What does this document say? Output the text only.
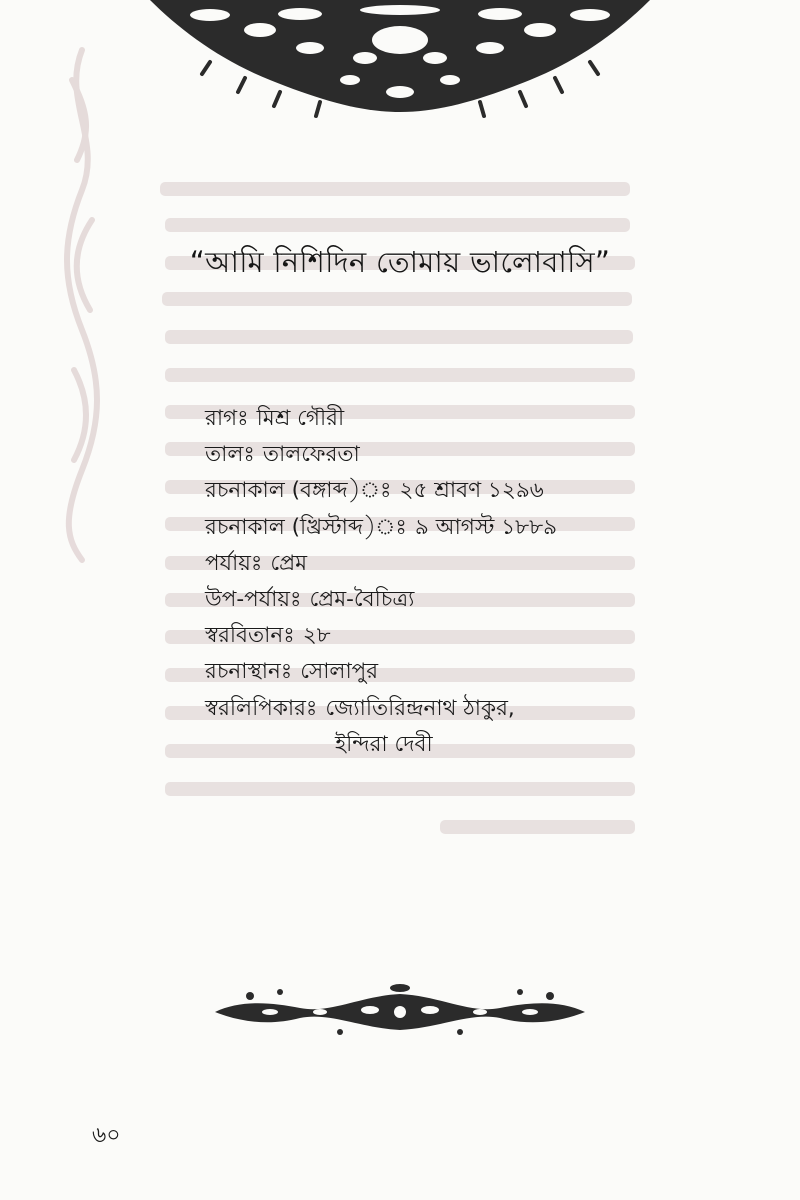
“আমি নিশিদিন তোমায় ভালোবাসি”
রাগ মিশ্র গৌরী
তাল তালফেরতা
রচনাকাল (বঙ্গাব্দ) ২৫ শ্রাবণ ১২৯৬
রচনাকাল (খ্রিস্টাব্দ) ৯ আগস্ট ১৮৮৯
পর্যায় প্রেম
উপ-পর্যায় প্রেম-বৈচিত্র্য
স্বরবিতান ২৮
রচনাস্থান সোলাপুর
স্বরলিপিকার জ্যোতিরিন্দ্রনাথ ঠাকুর,
ইন্দিরা দেবী
৬০
